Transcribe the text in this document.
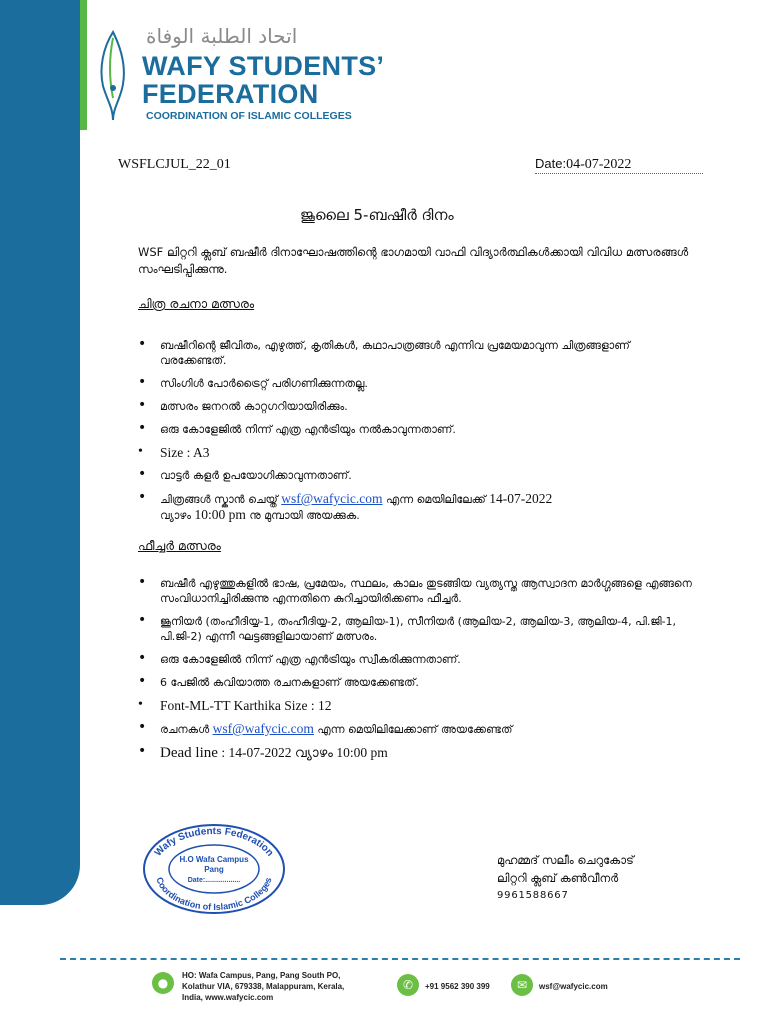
اتحاد الطلبة الوفاة
WAFY STUDENTS’
FEDERATION
COORDINATION OF ISLAMIC COLLEGES
WSFLCJUL_22_01	Date:04-07-2022
ജൂലൈ 5-ബഷീർ ദിനം
WSF ലിറ്ററി ക്ലബ് ബഷീർ ദിനാഘോഷത്തിന്റെ ഭാഗമായി വാഫി വിദ്യാർത്ഥികൾക്കായി വിവിധ മത്സരങ്ങൾ സംഘടിപ്പിക്കുന്നു.
ചിത്ര രചനാ മത്സരം
• ബഷീറിന്റെ ജീവിതം, എഴുത്ത്, കൃതികൾ, കഥാപാത്രങ്ങൾ എന്നിവ പ്രമേയമാവുന്ന ചിത്രങ്ങളാണ് വരക്കേണ്ടത്.
• സിംഗിൾ പോർട്രൈറ്റ് പരിഗണിക്കുന്നതല്ല.
• മത്സരം ജനറൽ കാറ്റഗറിയായിരിക്കും.
• ഒരു കോളേജിൽ നിന്ന് എത്ര എൻട്രിയും നൽകാവുന്നതാണ്.
• Size : A3
• വാട്ടർ കളർ ഉപയോഗിക്കാവുന്നതാണ്.
• ചിത്രങ്ങൾ സ്കാൻ ചെയ്ത് wsf@wafycic.com എന്ന മെയിലിലേക്ക് 14-07-2022
വ്യാഴം 10:00 pm നു മുമ്പായി അയക്കുക.
ഫീച്ചർ മത്സരം
• ബഷീർ എഴുത്തുകളിൽ ഭാഷ, പ്രമേയം, സ്ഥലം, കാലം തുടങ്ങിയ വ്യത്യസ്ത ആസ്വാദന മാർഗ്ഗങ്ങളെ എങ്ങനെ സംവിധാനിച്ചിരിക്കുന്നു എന്നതിനെ കുറിച്ചായിരിക്കണം ഫീച്ചർ.
• ജൂനിയർ (തംഹീദിയ്യ-1, തംഹീദിയ്യ-2, ആലിയ-1), സീനിയർ (ആലിയ-2, ആലിയ-3, ആലിയ-4, പി.ജി-1, പി.ജി-2) എന്നീ ഘട്ടങ്ങളിലായാണ് മത്സരം.
• ഒരു കോളേജിൽ നിന്ന് എത്ര എൻട്രിയും സ്വീകരിക്കുന്നതാണ്.
• 6 പേജിൽ കവിയാത്ത രചനകളാണ് അയക്കേണ്ടത്.
• Font-ML-TT Karthika Size : 12
• രചനകൾ wsf@wafycic.com എന്ന മെയിലിലേക്കാണ് അയക്കേണ്ടത്
• Dead line : 14-07-2022 വ്യാഴം 10:00 pm
Wafy Students Federation
Coordination of Islamic Colleges
H.O Wafa Campus
Pang
Date:..................
മുഹമ്മദ് സലീം ചെറുകോട്
ലിറ്ററി ക്ലബ് കൺവീനർ
9961588667
●
HO: Wafa Campus, Pang, Pang South PO,
Kolathur VIA, 679338, Malappuram, Kerala,
India, www.wafycic.com
✆	+91 9562 390 399	✉	wsf@wafycic.com
